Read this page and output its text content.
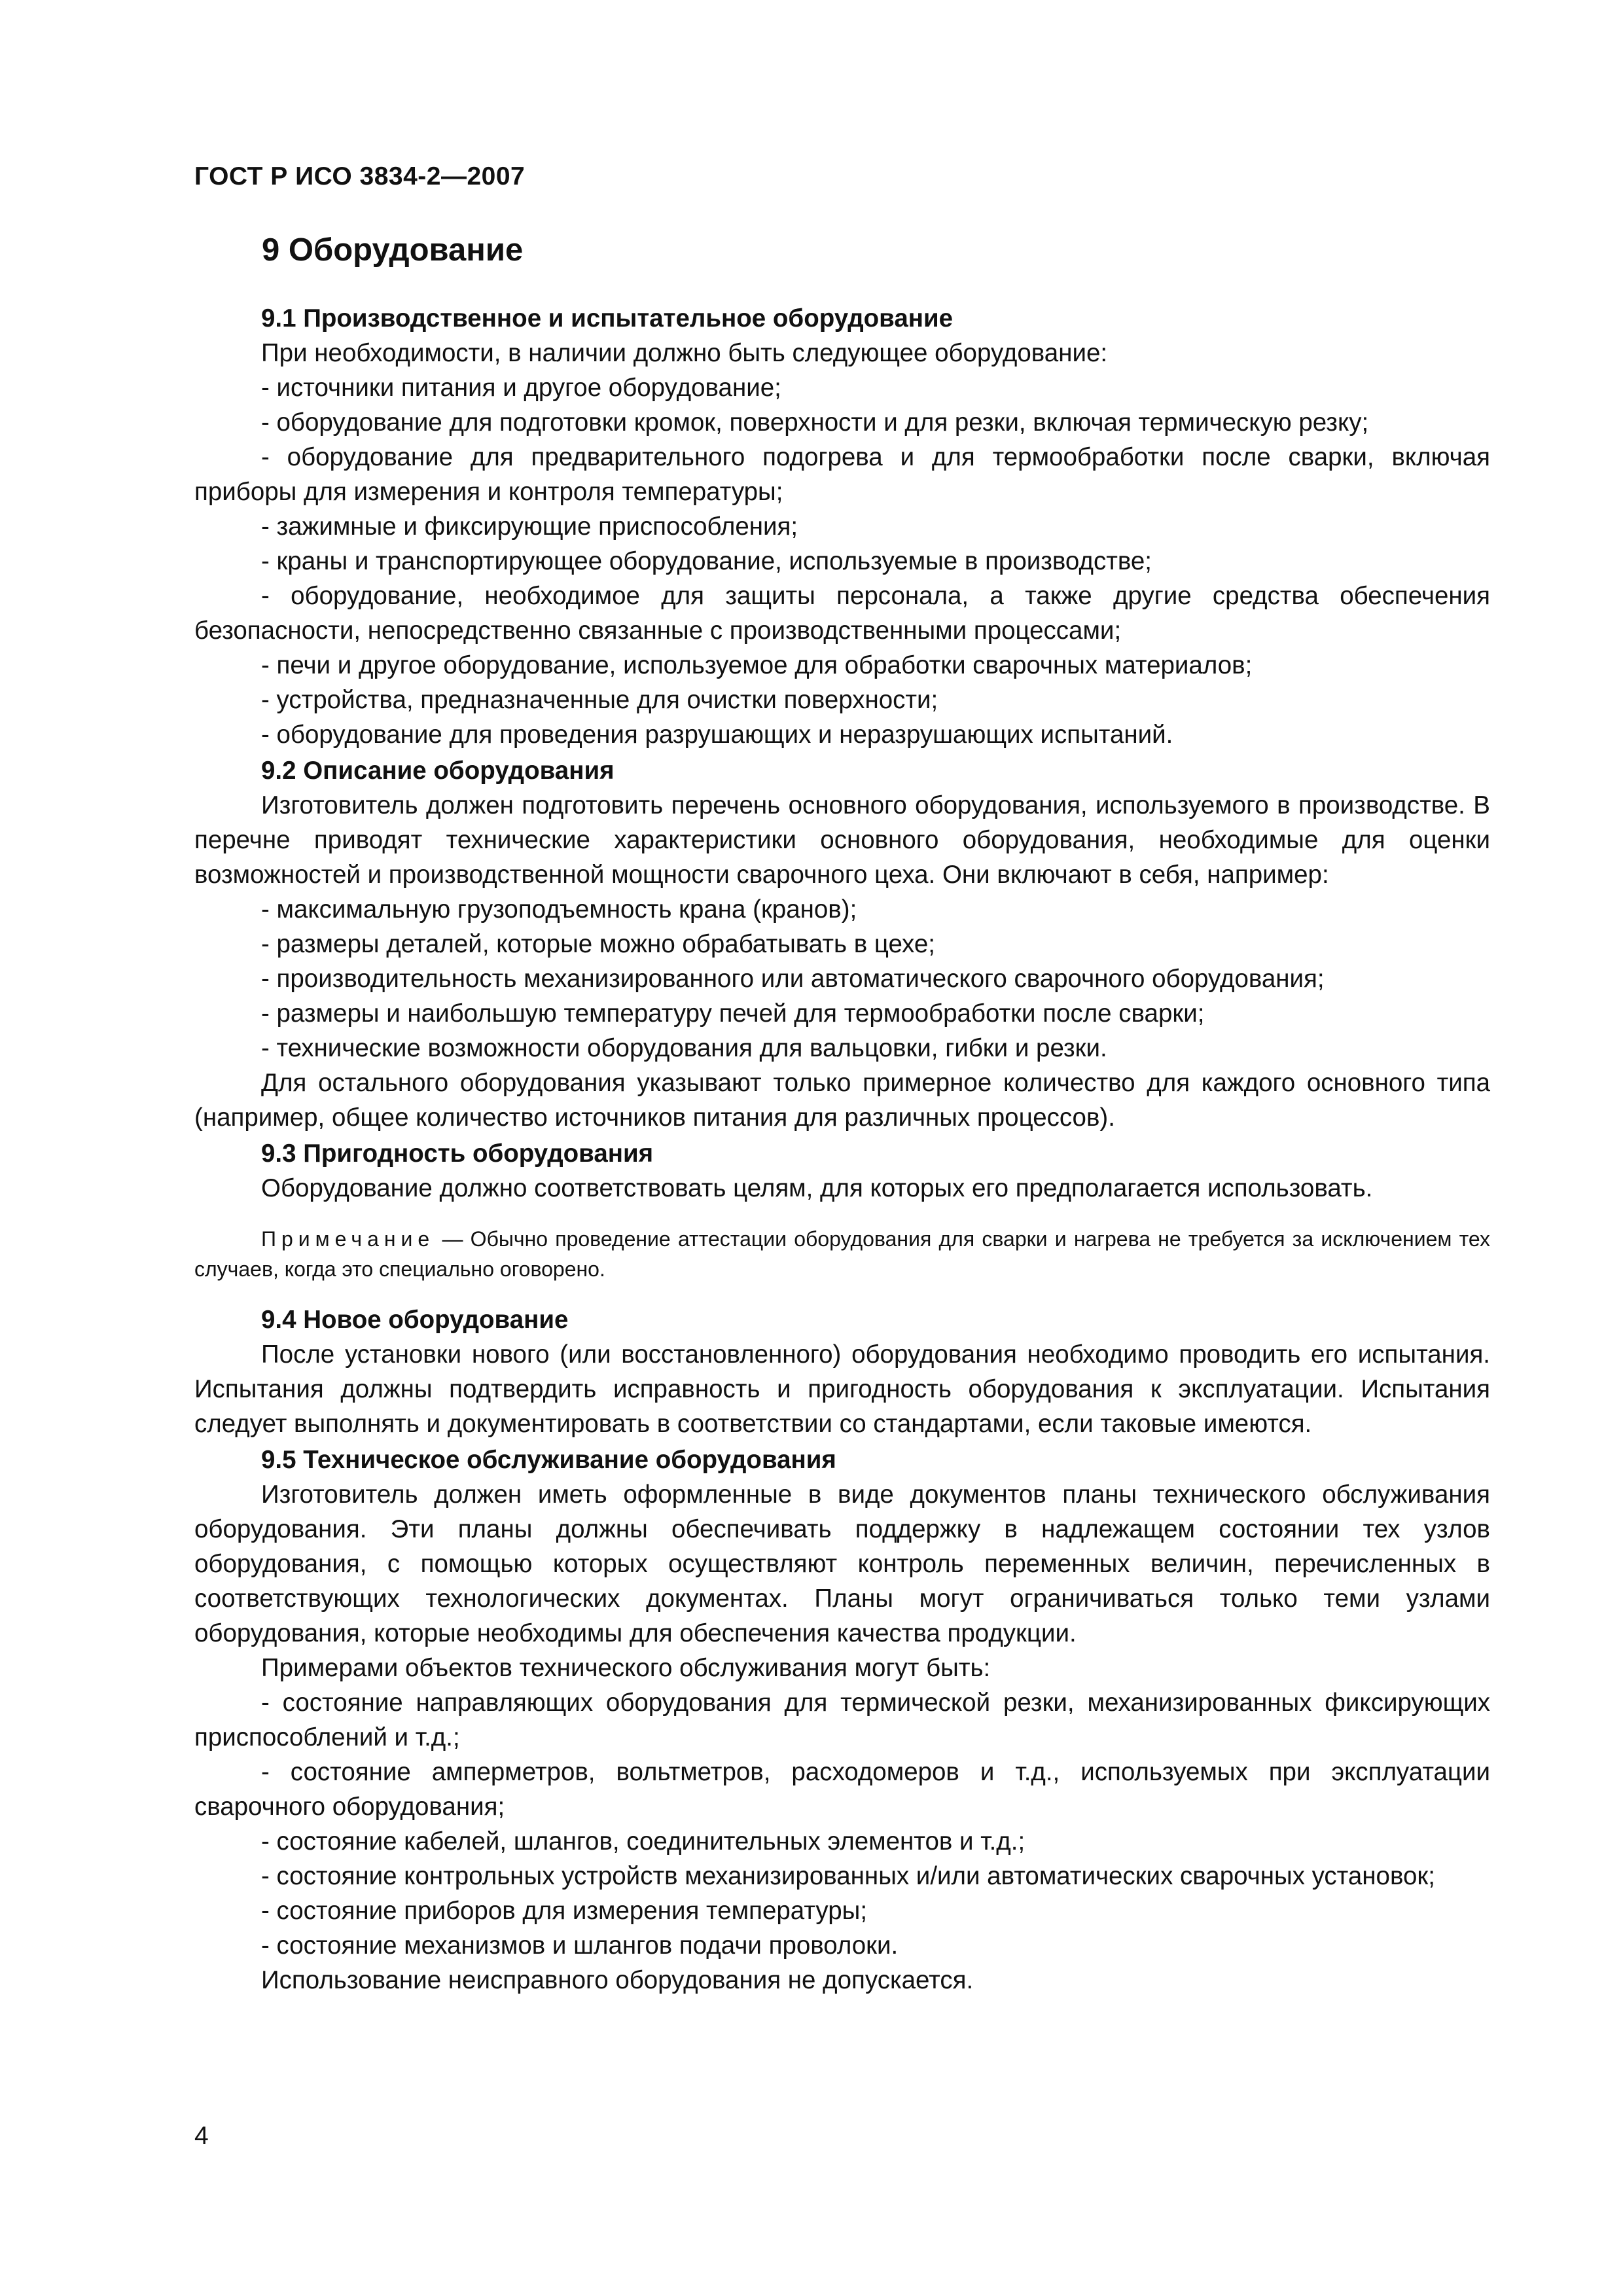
ГОСТ Р ИСО 3834-2—2007
9 Оборудование

9.1 Производственное и испытательное оборудование

При необходимости, в наличии должно быть следующее оборудование:

- источники питания и другое оборудование;

- оборудование для подготовки кромок, поверхности и для резки, включая термическую резку;

- оборудование для предварительного подогрева и для термообработки после сварки, включая приборы для измерения и контроля температуры;

- зажимные и фиксирующие приспособления;

- краны и транспортирующее оборудование, используемые в производстве;

- оборудование, необходимое для защиты персонала, а также другие средства обеспечения безопасности, непосредственно связанные с производственными процессами;

- печи и другое оборудование, используемое для обработки сварочных материалов;

- устройства, предназначенные для очистки поверхности;

- оборудование для проведения разрушающих и неразрушающих испытаний.

9.2 Описание оборудования

Изготовитель должен подготовить перечень основного оборудования, используемого в производстве. В перечне приводят технические характеристики основного оборудования, необходимые для оценки возможностей и производственной мощности сварочного цеха. Они включают в себя, например:

- максимальную грузоподъемность крана (кранов);

- размеры деталей, которые можно обрабатывать в цехе;

- производительность механизированного или автоматического сварочного оборудования;

- размеры и наибольшую температуру печей для термообработки после сварки;

- технические возможности оборудования для вальцовки, гибки и резки.

Для остального оборудования указывают только примерное количество для каждого основного типа (например, общее количество источников питания для различных процессов).

9.3 Пригодность оборудования

Оборудование должно соответствовать целям, для которых его предполагается использовать.

Примечание — Обычно проведение аттестации оборудования для сварки и нагрева не требуется за исключением тех случаев, когда это специально оговорено.

9.4 Новое оборудование

После установки нового (или восстановленного) оборудования необходимо проводить его испытания. Испытания должны подтвердить исправность и пригодность оборудования к эксплуатации. Испытания следует выполнять и документировать в соответствии со стандартами, если таковые имеются.

9.5 Техническое обслуживание оборудования

Изготовитель должен иметь оформленные в виде документов планы технического обслуживания оборудования. Эти планы должны обеспечивать поддержку в надлежащем состоянии тех узлов оборудования, с помощью которых осуществляют контроль переменных величин, перечисленных в соответствующих технологических документах. Планы могут ограничиваться только теми узлами оборудования, которые необходимы для обеспечения качества продукции.

Примерами объектов технического обслуживания могут быть:

- состояние направляющих оборудования для термической резки, механизированных фиксирующих приспособлений и т.д.;

- состояние амперметров, вольтметров, расходомеров и т.д., используемых при эксплуатации сварочного оборудования;

- состояние кабелей, шлангов, соединительных элементов и т.д.;

- состояние контрольных устройств механизированных и/или автоматических сварочных установок;

- состояние приборов для измерения температуры;

- состояние механизмов и шлангов подачи проволоки.

Использование неисправного оборудования не допускается.

4
